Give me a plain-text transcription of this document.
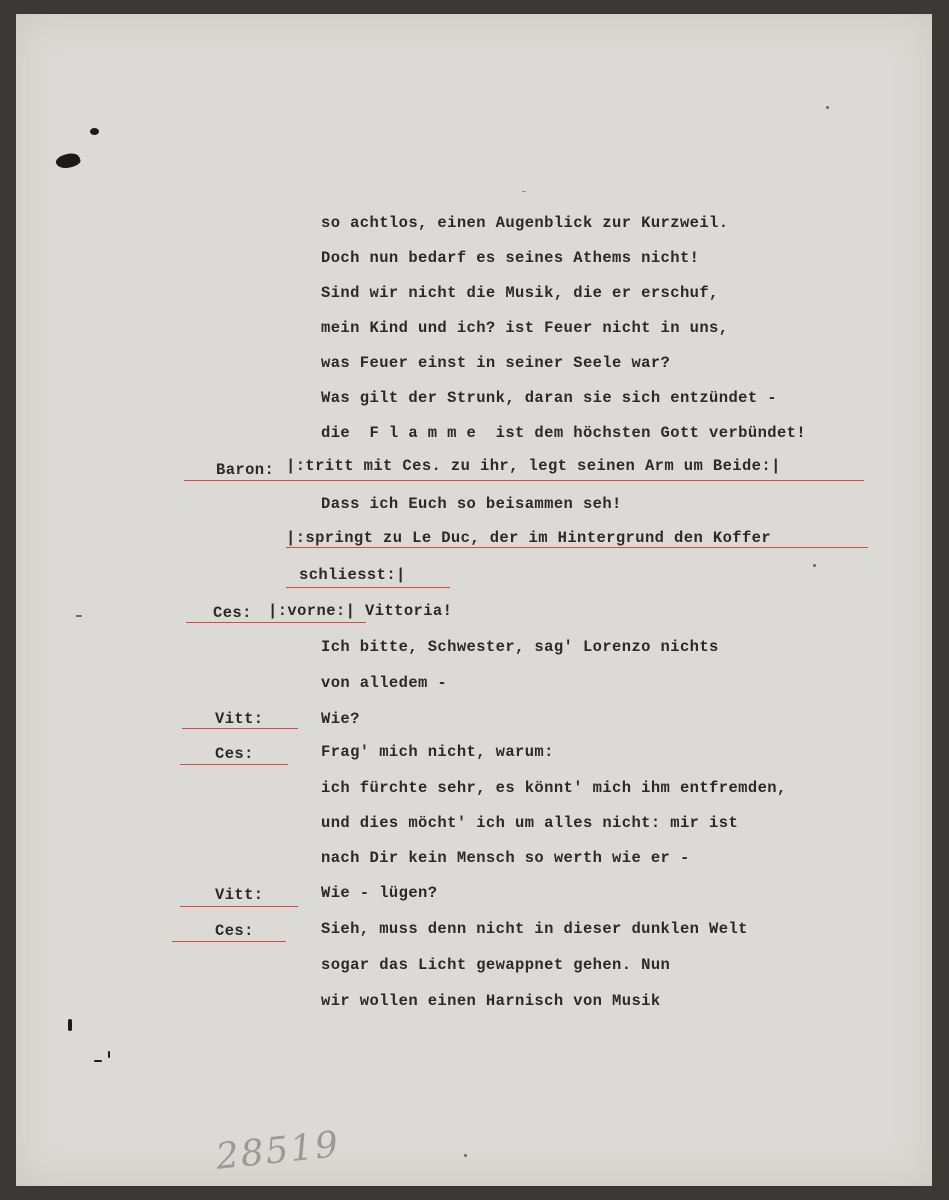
¨
so achtlos, einen Augenblick zur Kurzweil.
Doch nun bedarf es seines Athems nicht!
Sind wir nicht die Musik, die er erschuf,
mein Kind und ich? ist Feuer nicht in uns,
was Feuer einst in seiner Seele war?
Was gilt der Strunk, daran sie sich entzündet -
die  F l a m m e  ist dem höchsten Gott verbündet!
Baron: |:tritt mit Ces. zu ihr, legt seinen Arm um Beide:|
Dass ich Euch so beisammen seh!
|:springt zu Le Duc, der im Hintergrund den Koffer
schliesst:|
Ces: |:vorne:| Vittoria!
Ich bitte, Schwester, sag' Lorenzo nichts
von alledem -
Vitt:	Wie?
Ces:	Frag' mich nicht, warum:
ich fürchte sehr, es könnt' mich ihm entfremden,
und dies möcht' ich um alles nicht: mir ist
nach Dir kein Mensch so werth wie er -
Vitt:	Wie - lügen?
Ces:	Sieh, muss denn nicht in dieser dunklen Welt
sogar das Licht gewappnet gehen. Nun
wir wollen einen Harnisch von Musik
28519
